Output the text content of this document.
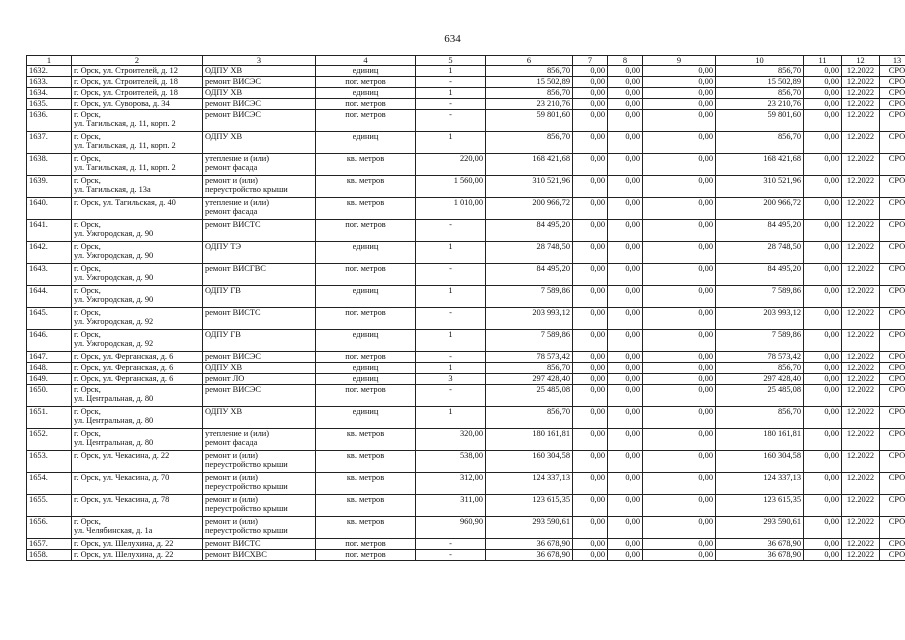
634
1	2	3	4	5	6	7	8	9	10	11	12	13
1632.	г. Орск, ул. Строителей, д. 12	ОДПУ ХВ	единиц	1	856,70	0,00	0,00	0,00	856,70	0,00	12.2022	СРО
1633.	г. Орск, ул. Строителей, д. 18	ремонт ВИСЭС	пог. метров	-	15 502,89	0,00	0,00	0,00	15 502,89	0,00	12.2022	СРО
1634.	г. Орск, ул. Строителей, д. 18	ОДПУ ХВ	единиц	1	856,70	0,00	0,00	0,00	856,70	0,00	12.2022	СРО
1635.	г. Орск, ул. Суворова, д. 34	ремонт ВИСЭС	пог. метров	-	23 210,76	0,00	0,00	0,00	23 210,76	0,00	12.2022	СРО
1636.	г. Орск,
ул. Тагильская, д. 11, корп. 2	ремонт ВИСЭС	пог. метров	-	59 801,60	0,00	0,00	0,00	59 801,60	0,00	12.2022	СРО
1637.	г. Орск,
ул. Тагильская, д. 11, корп. 2	ОДПУ ХВ	единиц	1	856,70	0,00	0,00	0,00	856,70	0,00	12.2022	СРО
1638.	г. Орск,
ул. Тагильская, д. 11, корп. 2	утепление и (или)
ремонт фасада	кв. метров	220,00	168 421,68	0,00	0,00	0,00	168 421,68	0,00	12.2022	СРО
1639.	г. Орск,
ул. Тагильская, д. 13а	ремонт и (или)
переустройство крыши	кв. метров	1 560,00	310 521,96	0,00	0,00	0,00	310 521,96	0,00	12.2022	СРО
1640.	г. Орск, ул. Тагильская, д. 40	утепление и (или)
ремонт фасада	кв. метров	1 010,00	200 966,72	0,00	0,00	0,00	200 966,72	0,00	12.2022	СРО
1641.	г. Орск,
ул. Ужгородская, д. 90	ремонт ВИСТС	пог. метров	-	84 495,20	0,00	0,00	0,00	84 495,20	0,00	12.2022	СРО
1642.	г. Орск,
ул. Ужгородская, д. 90	ОДПУ ТЭ	единиц	1	28 748,50	0,00	0,00	0,00	28 748,50	0,00	12.2022	СРО
1643.	г. Орск,
ул. Ужгородская, д. 90	ремонт ВИСГВС	пог. метров	-	84 495,20	0,00	0,00	0,00	84 495,20	0,00	12.2022	СРО
1644.	г. Орск,
ул. Ужгородская, д. 90	ОДПУ ГВ	единиц	1	7 589,86	0,00	0,00	0,00	7 589,86	0,00	12.2022	СРО
1645.	г. Орск,
ул. Ужгородская, д. 92	ремонт ВИСТС	пог. метров	-	203 993,12	0,00	0,00	0,00	203 993,12	0,00	12.2022	СРО
1646.	г. Орск,
ул. Ужгородская, д. 92	ОДПУ ГВ	единиц	1	7 589,86	0,00	0,00	0,00	7 589,86	0,00	12.2022	СРО
1647.	г. Орск, ул. Ферганская, д. 6	ремонт ВИСЭС	пог. метров	-	78 573,42	0,00	0,00	0,00	78 573,42	0,00	12.2022	СРО
1648.	г. Орск, ул. Ферганская, д. 6	ОДПУ ХВ	единиц	1	856,70	0,00	0,00	0,00	856,70	0,00	12.2022	СРО
1649.	г. Орск, ул. Ферганская, д. 6	ремонт ЛО	единиц	3	297 428,40	0,00	0,00	0,00	297 428,40	0,00	12.2022	СРО
1650.	г. Орск,
ул. Центральная, д. 80	ремонт ВИСЭС	пог. метров	-	25 485,08	0,00	0,00	0,00	25 485,08	0,00	12.2022	СРО
1651.	г. Орск,
ул. Центральная, д. 80	ОДПУ ХВ	единиц	1	856,70	0,00	0,00	0,00	856,70	0,00	12.2022	СРО
1652.	г. Орск,
ул. Центральная, д. 80	утепление и (или)
ремонт фасада	кв. метров	320,00	180 161,81	0,00	0,00	0,00	180 161,81	0,00	12.2022	СРО
1653.	г. Орск, ул. Чекасина, д. 22	ремонт и (или)
переустройство крыши	кв. метров	538,00	160 304,58	0,00	0,00	0,00	160 304,58	0,00	12.2022	СРО
1654.	г. Орск, ул. Чекасина, д. 70	ремонт и (или)
переустройство крыши	кв. метров	312,00	124 337,13	0,00	0,00	0,00	124 337,13	0,00	12.2022	СРО
1655.	г. Орск, ул. Чекасина, д. 78	ремонт и (или)
переустройство крыши	кв. метров	311,00	123 615,35	0,00	0,00	0,00	123 615,35	0,00	12.2022	СРО
1656.	г. Орск,
ул. Челябинская, д. 1а	ремонт и (или)
переустройство крыши	кв. метров	960,90	293 590,61	0,00	0,00	0,00	293 590,61	0,00	12.2022	СРО
1657.	г. Орск, ул. Шелухина, д. 22	ремонт ВИСТС	пог. метров	-	36 678,90	0,00	0,00	0,00	36 678,90	0,00	12.2022	СРО
1658.	г. Орск, ул. Шелухина, д. 22	ремонт ВИСХВС	пог. метров	-	36 678,90	0,00	0,00	0,00	36 678,90	0,00	12.2022	СРО
